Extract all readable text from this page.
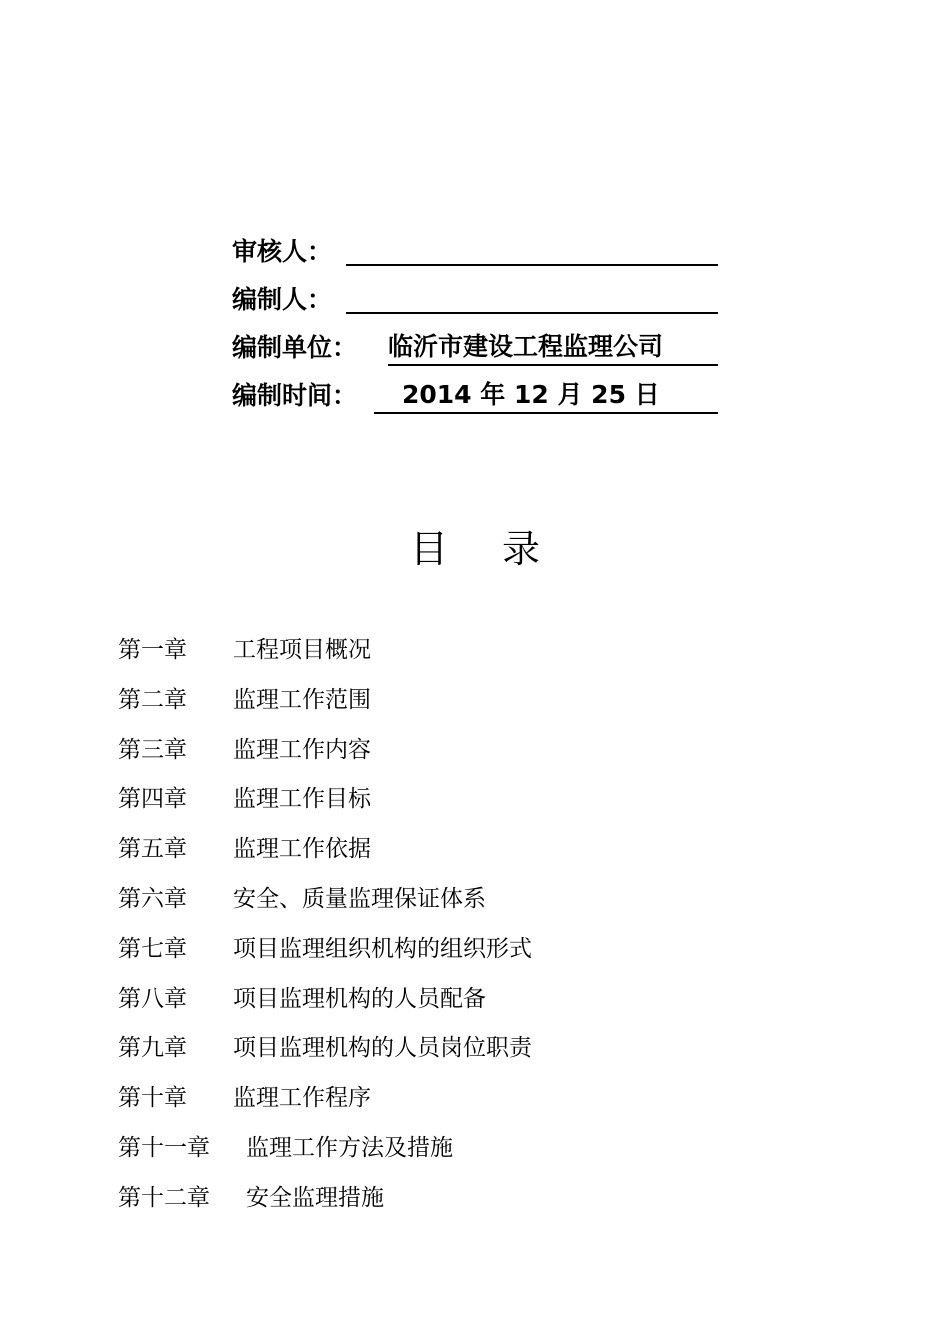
审核人：
编制人：
编制单位： 临沂市建设工程监理公司
编制时间：	2014 年 12 月 25 日
目 录
第一章 工程项目概况
第二章 监理工作范围
第三章 监理工作内容
第四章 监理工作目标
第五章 监理工作依据
第六章 安全、质量监理保证体系
第七章 项目监理组织机构的组织形式
第八章 项目监理机构的人员配备
第九章 项目监理机构的人员岗位职责
第十章 监理工作程序
第十一章 监理工作方法及措施
第十二章 安全监理措施
